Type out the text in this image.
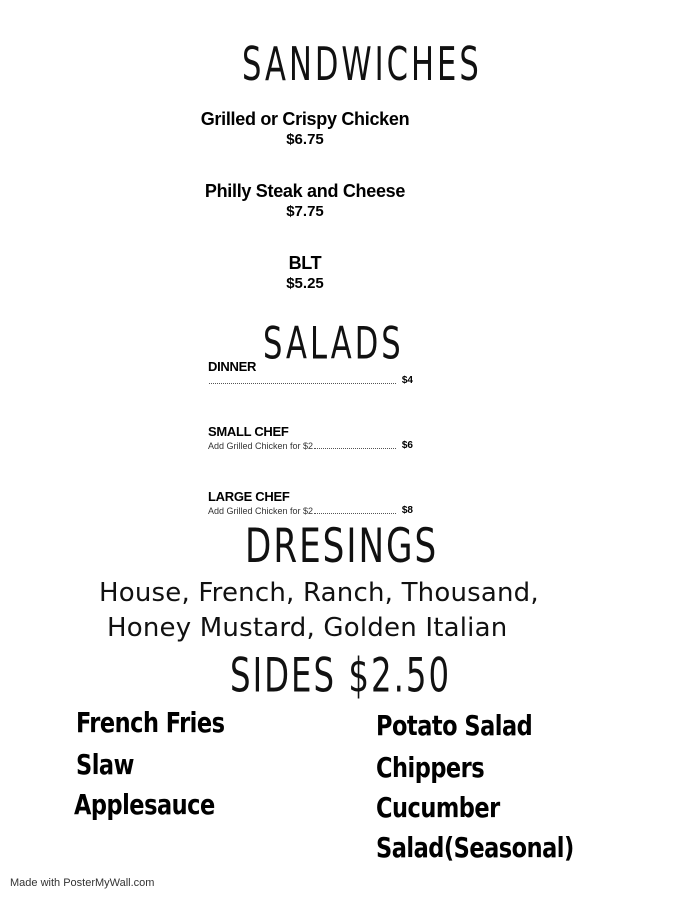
SANDWICHES
Grilled or Crispy Chicken
$6.75
Philly Steak and Cheese
$7.75
BLT
$5.25
SALADS
DINNER
$4
SMALL CHEF
Add Grilled Chicken for $2	$6
LARGE CHEF
Add Grilled Chicken for $2	$8
DRESINGS
House, French, Ranch, Thousand,
Honey Mustard, Golden Italian
SIDES $2.50
French Fries
Slaw
Applesauce
Potato Salad
Chippers
Cucumber
Salad(Seasonal)
Made with PosterMyWall.com
